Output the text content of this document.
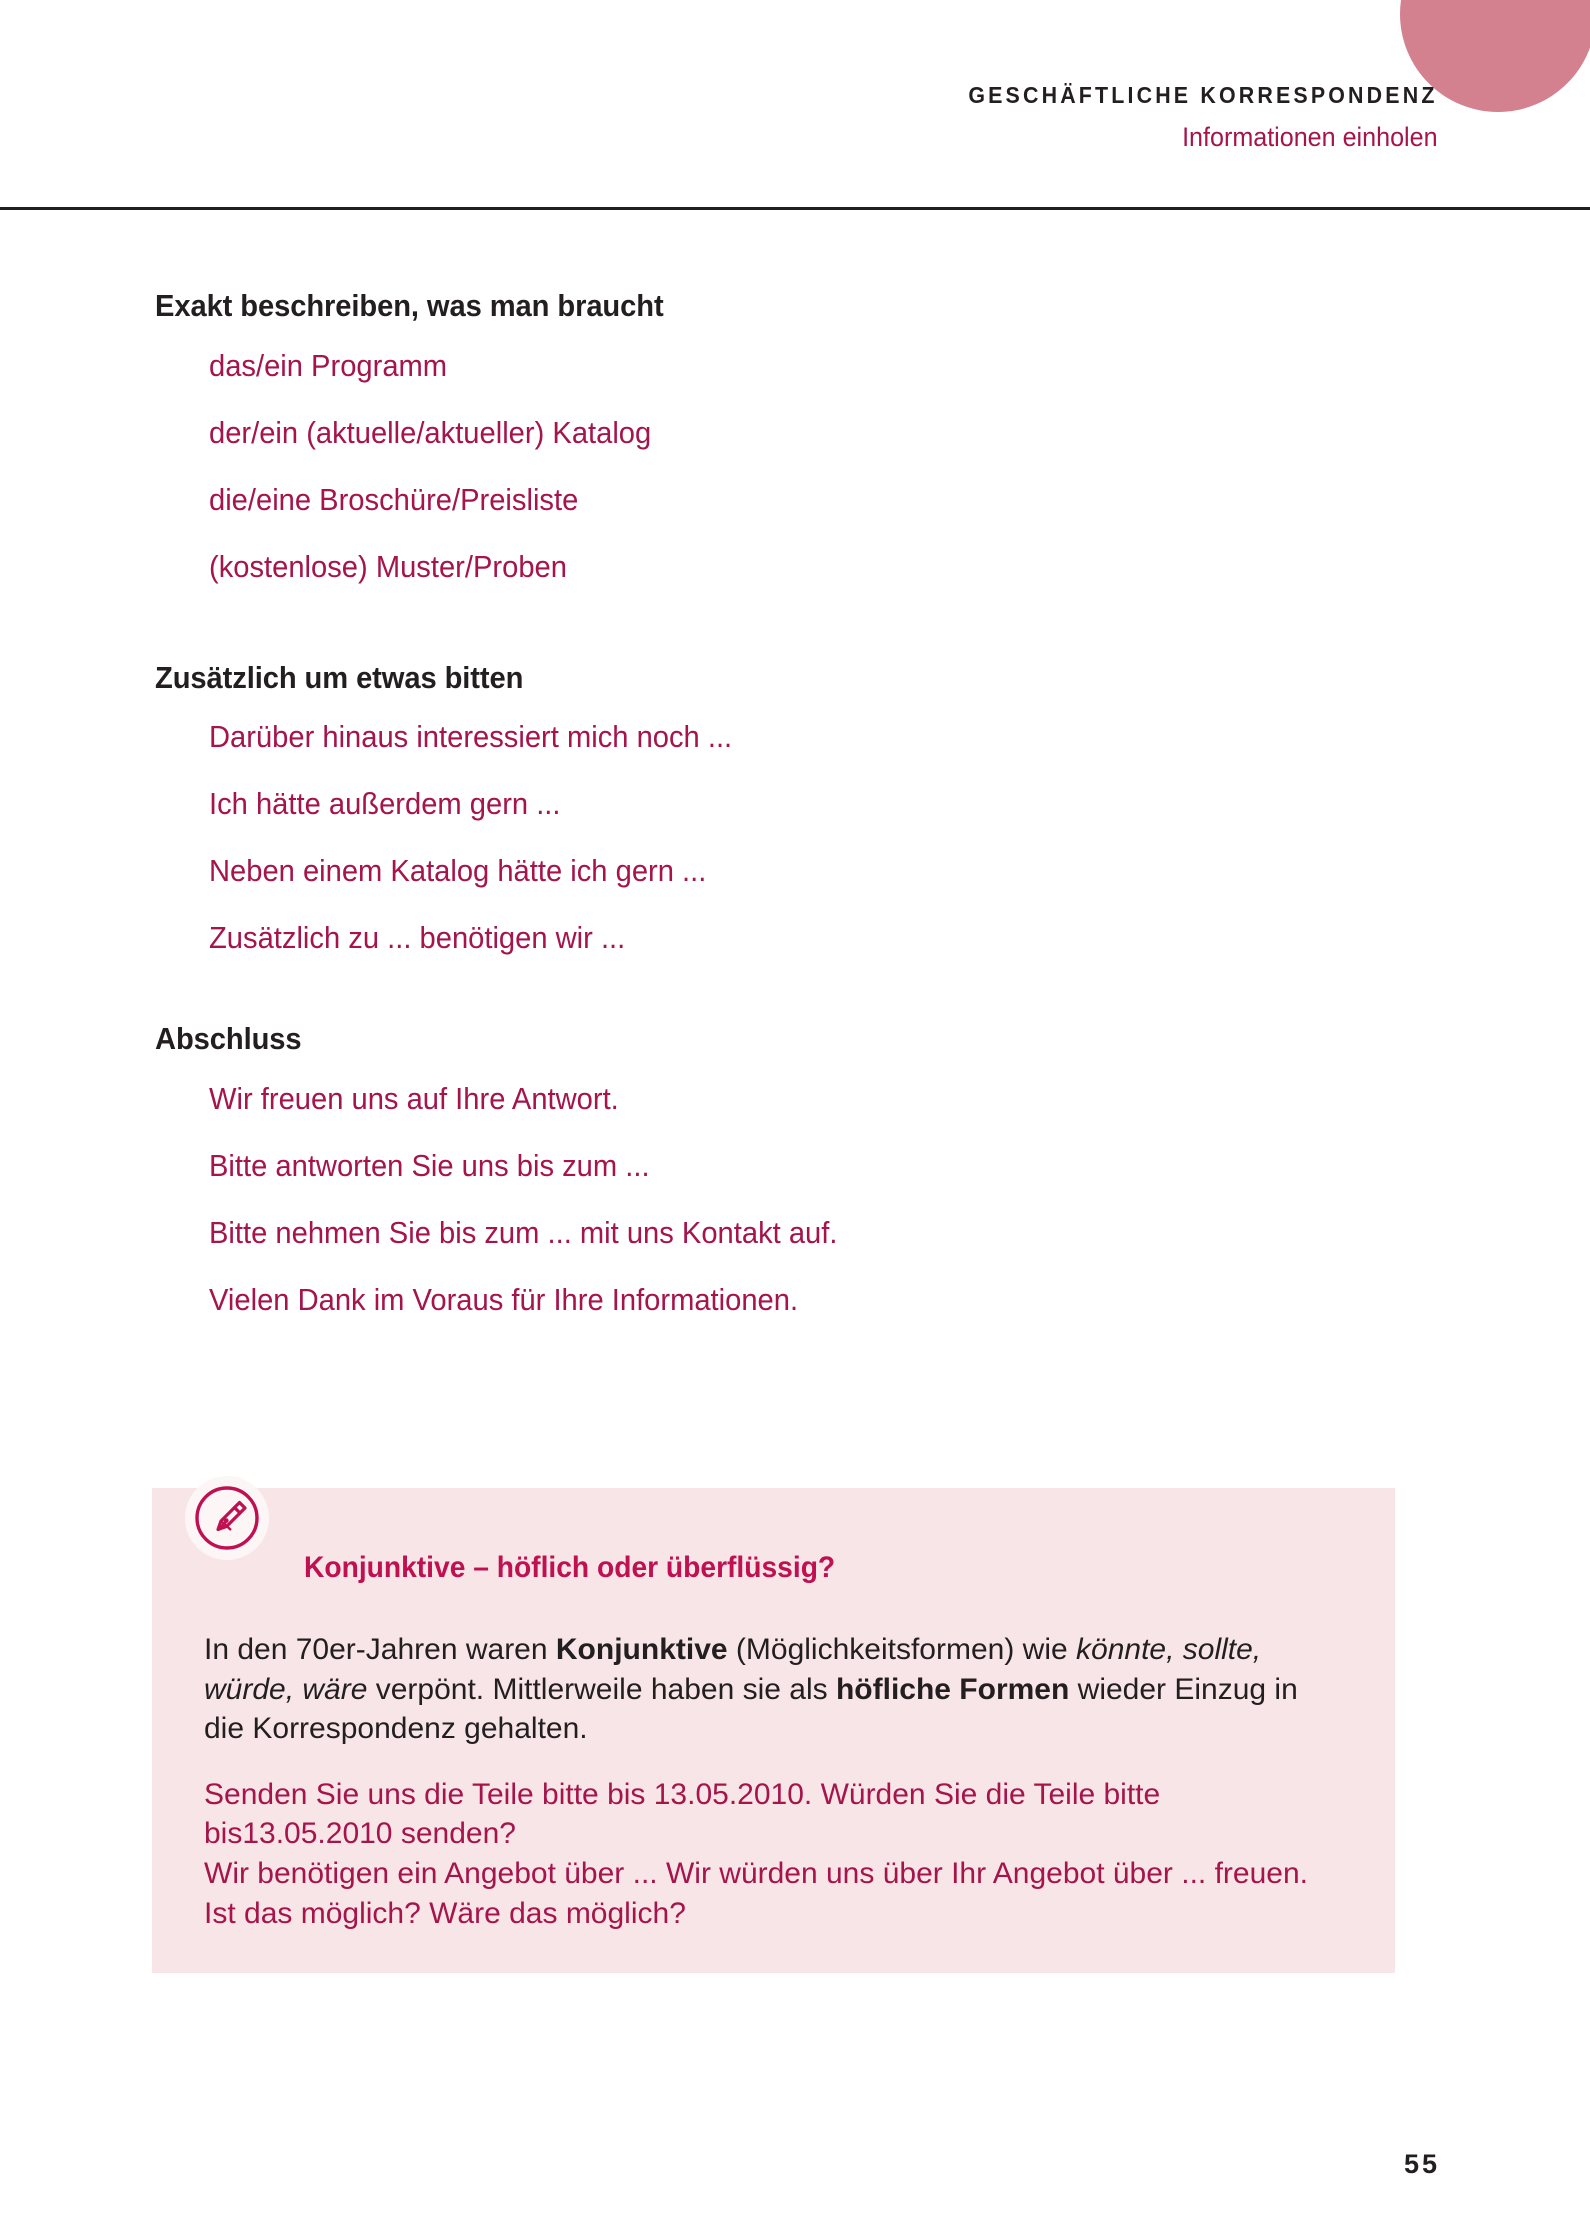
GESCHÄFTLICHE KORRESPONDENZ
Informationen einholen
Exakt beschreiben, was man braucht
das/ein Programm
der/ein (aktuelle/aktueller) Katalog
die/eine Broschüre/Preisliste
(kostenlose) Muster/Proben
Zusätzlich um etwas bitten
Darüber hinaus interessiert mich noch ...
Ich hätte außerdem gern ...
Neben einem Katalog hätte ich gern ...
Zusätzlich zu ... benötigen wir ...
Abschluss
Wir freuen uns auf Ihre Antwort.
Bitte antworten Sie uns bis zum ...
Bitte nehmen Sie bis zum ... mit uns Kontakt auf.
Vielen Dank im Voraus für Ihre Informationen.
Konjunktive – höflich oder überflüssig?

In den 70er-Jahren waren Konjunktive (Möglichkeitsformen) wie könnte, sollte, würde, wäre verpönt. Mittlerweile haben sie als höfliche Formen wieder Einzug in die Korrespondenz gehalten.

Senden Sie uns die Teile bitte bis 13.05.2010. Würden Sie die Teile bitte bis13.05.2010 senden?

Wir benötigen ein Angebot über ... Wir würden uns über Ihr Angebot über ... freuen.

Ist das möglich? Wäre das möglich?

55
